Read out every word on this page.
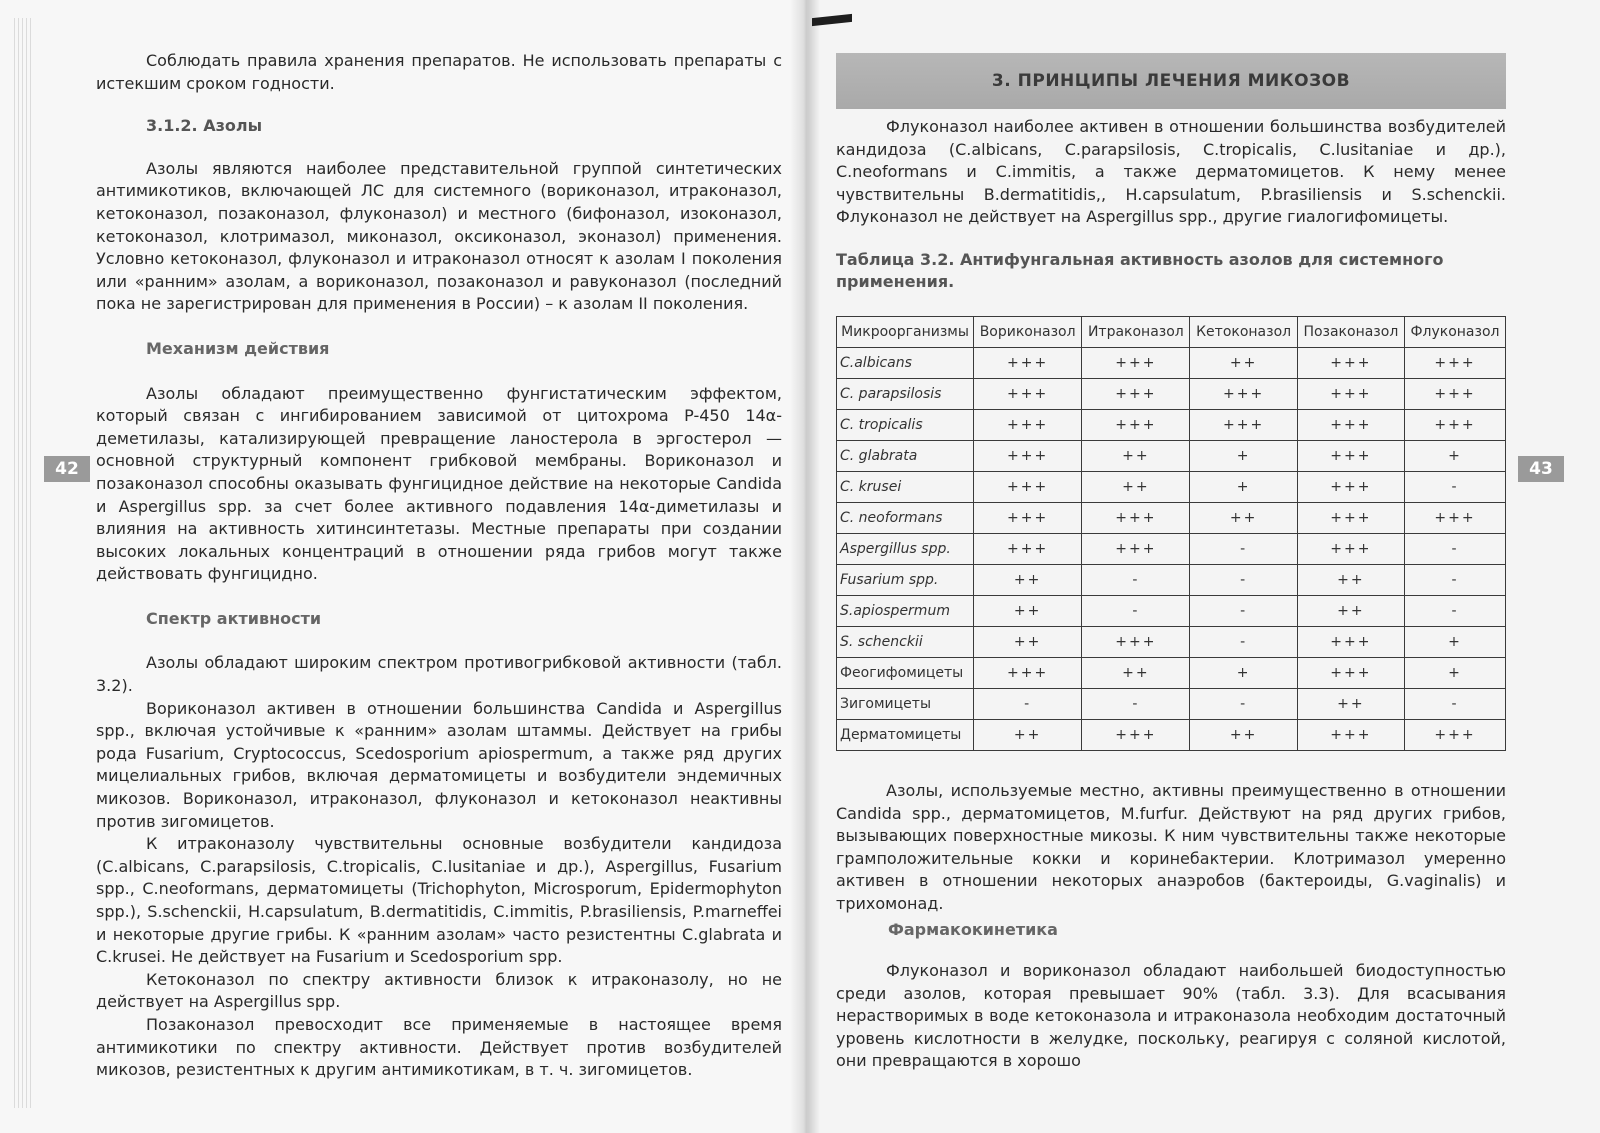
42	43

Соблюдать правила хранения препаратов. Не использовать препараты с истекшим сроком годности.

3.1.2. Азолы

Азолы являются наиболее представительной группой синтетических антимикотиков, включающей ЛС для системного (вориконазол, итраконазол, кетоконазол, позаконазол, флуконазол) и местного (бифоназол, изоконазол, кетоконазол, клотримазол, миконазол, оксиконазол, эконазол) применения. Условно кетоконазол, флуконазол и итраконазол относят к азолам I поколения или «ранним» азолам, а вориконазол, позаконазол и равуконазол (последний пока не зарегистрирован для применения в России) – к азолам II поколения.

Механизм действия

Азолы обладают преимущественно фунгистатическим эффектом, который связан с ингибированием зависимой от цитохрома P-450 14α-деметилазы, катализирующей превращение ланостерола в эргостерол — основной структурный компонент грибковой мембраны. Вориконазол и позаконазол способны оказывать фунгицидное действие на некоторые Candida и Aspergillus spp. за счет более активного подавления 14α-диметилазы и влияния на активность хитинсинтетазы. Местные препараты при создании высоких локальных концентраций в отношении ряда грибов могут также действовать фунгицидно.

Спектр активности

Азолы обладают широким спектром противогрибковой активности (табл. 3.2).

Вориконазол активен в отношении большинства Candida и Aspergillus spp., включая устойчивые к «ранним» азолам штаммы. Действует на грибы рода Fusarium, Cryptococcus, Scedosporium apiospermum, а также ряд других мицелиальных грибов, включая дерматомицеты и возбудители эндемичных микозов. Вориконазол, итраконазол, флуконазол и кетоконазол неактивны против зигомицетов.

К итраконазолу чувствительны основные возбудители кандидоза (C.albicans, C.parapsilosis, C.tropicalis, C.lusitaniae и др.), Aspergillus, Fusarium spp., C.neoformans, дерматомицеты (Trichophyton, Microsporum, Epidermophyton spp.), S.schenckii, H.capsulatum, B.dermatitidis, C.immitis, P.brasiliensis, P.marneffei и некоторые другие грибы. К «ранним азолам» часто резистентны C.glabrata и C.krusei. Не действует на Fusarium и Scedosporium spp.

Кетоконазол по спектру активности близок к итраконазолу, но не действует на Aspergillus spp.

Позаконазол превосходит все применяемые в настоящее время антимикотики по спектру активности. Действует против возбудителей микозов, резистентных к другим антимикотикам, в т. ч. зигомицетов.

3. ПРИНЦИПЫ ЛЕЧЕНИЯ МИКОЗОВ

Флуконазол наиболее активен в отношении большинства возбудителей кандидоза (C.albicans, C.parapsilosis, C.tropicalis, C.lusitaniae и др.), C.neoformans и C.immitis, а также дерматомицетов. К нему менее чувствительны B.dermatitidis,, H.capsulatum, P.brasiliensis и S.schenckii. Флуконазол не действует на Aspergillus spp., другие гиалогифомицеты.

Таблица 3.2. Антифунгальная активность азолов для системного применения.
Микроорганизмы	Вориконазол	Итраконазол	Кетоконазол	Позаконазол	Флуконазол
C.albicans	+++	+++	++	+++	+++
C. parapsilosis	+++	+++	+++	+++	+++
C. tropicalis	+++	+++	+++	+++	+++
C. glabrata	+++	++	+	+++	+
C. krusei	+++	++	+	+++	-
C. neoformans	+++	+++	++	+++	+++
Aspergillus spp.	+++	+++	-	+++	-
Fusarium spp.	++	-	-	++	-
S.apiospermum	++	-	-	++	-
S. schenckii	++	+++	-	+++	+
Феогифомицеты	+++	++	+	+++	+
Зигомицеты	-	-	-	++	-
Дерматомицеты	++	+++	++	+++	+++

Азолы, используемые местно, активны преимущественно в отношении Candida spp., дерматомицетов, M.furfur. Действуют на ряд других грибов, вызывающих поверхностные микозы. К ним чувствительны также некоторые грамположительные кокки и коринебактерии. Клотримазол умеренно активен в отношении некоторых анаэробов (бактероиды, G.vaginalis) и трихомонад.

Фармакокинетика

Флуконазол и вориконазол обладают наибольшей биодоступностью среди азолов, которая превышает 90% (табл. 3.3). Для всасывания нерастворимых в воде кетоконазола и итраконазола необходим достаточный уровень кислотности в желудке, поскольку, реагируя с соляной кислотой, они превращаются в хорошо
